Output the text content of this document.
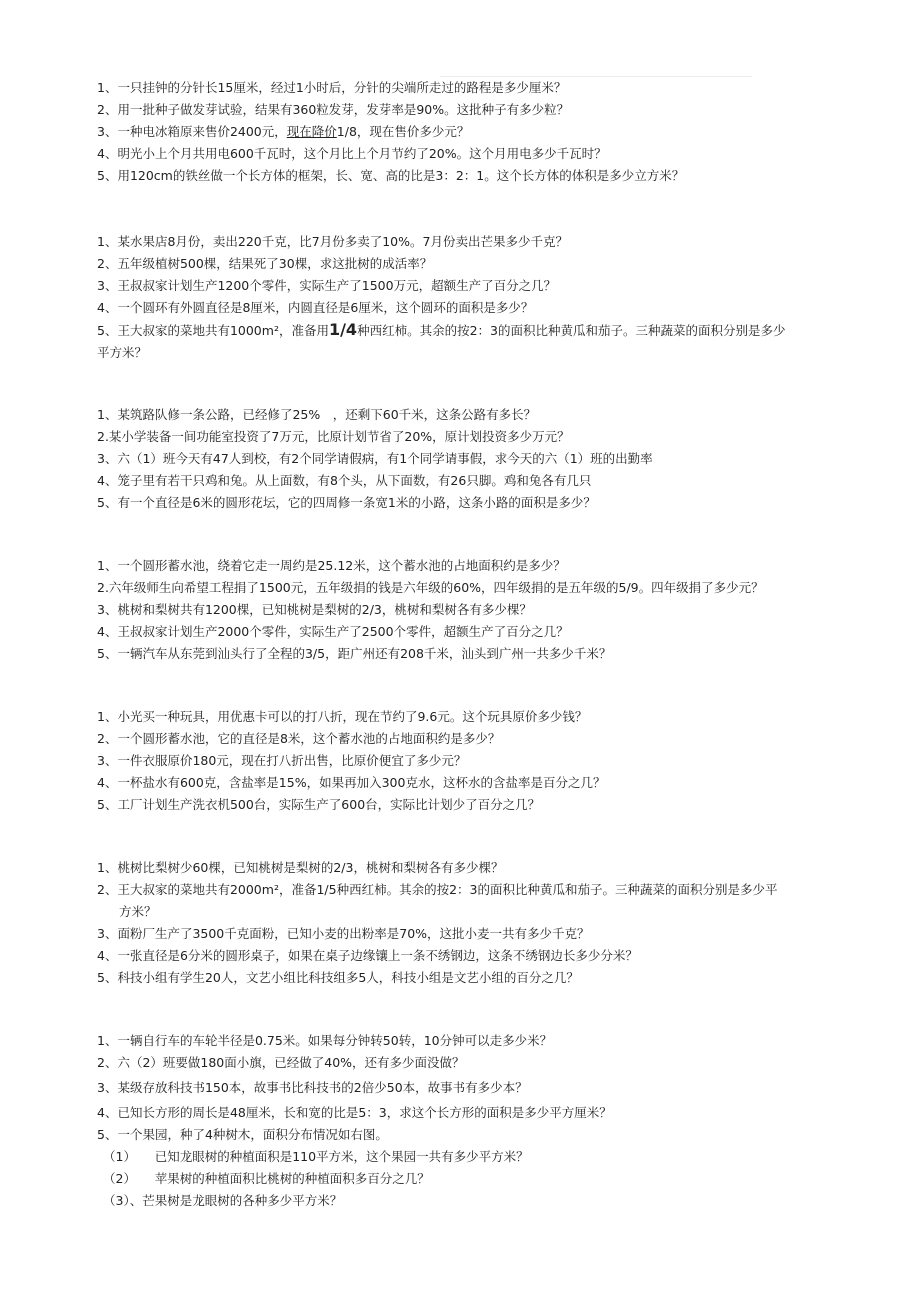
1、一只挂钟的分针长15厘米，经过1小时后，分针的尖端所走过的路程是多少厘米？
2、用一批种子做发芽试验，结果有360粒发芽，发芽率是90%。这批种子有多少粒？
3、一种电冰箱原来售价2400元，现在降价1/8，现在售价多少元？
4、明光小上个月共用电600千瓦时，这个月比上个月节约了20%。这个月用电多少千瓦时？
5、用120cm的铁丝做一个长方体的框架，长、宽、高的比是3：2：1。这个长方体的体积是多少立方米？
1、某水果店8月份，卖出220千克，比7月份多卖了10%。7月份卖出芒果多少千克？
2、五年级植树500棵，结果死了30棵，求这批树的成活率？
3、王叔叔家计划生产1200个零件，实际生产了1500万元，超额生产了百分之几？
4、一个圆环有外圆直径是8厘米，内圆直径是6厘米，这个圆环的面积是多少？
5、王大叔家的菜地共有1000m²，准备用1/4种西红柿。其余的按2：3的面积比种黄瓜和茄子。三种蔬菜的面积分别是多少
平方米？
1、某筑路队修一条公路，已经修了25%　，还剩下60千米，这条公路有多长？
2.某小学装备一间功能室投资了7万元，比原计划节省了20%，原计划投资多少万元？
3、六（1）班今天有47人到校，有2个同学请假病，有1个同学请事假，求今天的六（1）班的出勤率
4、笼子里有若干只鸡和兔。从上面数，有8个头，从下面数，有26只脚。鸡和兔各有几只
5、有一个直径是6米的圆形花坛，它的四周修一条宽1米的小路，这条小路的面积是多少？
1、一个圆形蓄水池，绕着它走一周约是25.12米，这个蓄水池的占地面积约是多少？
2.六年级师生向希望工程捐了1500元，五年级捐的钱是六年级的60%，四年级捐的是五年级的5/9。四年级捐了多少元？
3、桃树和梨树共有1200棵，已知桃树是梨树的2/3，桃树和梨树各有多少棵？
4、王叔叔家计划生产2000个零件，实际生产了2500个零件，超额生产了百分之几？
5、一辆汽车从东莞到汕头行了全程的3/5，距广州还有208千米，汕头到广州一共多少千米？
1、小光买一种玩具，用优惠卡可以的打八折，现在节约了9.6元。这个玩具原价多少钱？
2、一个圆形蓄水池，它的直径是8米，这个蓄水池的占地面积约是多少？
3、一件衣服原价180元，现在打八折出售，比原价便宜了多少元？
4、一杯盐水有600克，含盐率是15%，如果再加入300克水，这杯水的含盐率是百分之几？
5、工厂计划生产洗衣机500台，实际生产了600台，实际比计划少了百分之几？
1、桃树比梨树少60棵，已知桃树是梨树的2/3，桃树和梨树各有多少棵？
2、王大叔家的菜地共有2000m²，准备1/5种西红柿。其余的按2：3的面积比种黄瓜和茄子。三种蔬菜的面积分别是多少平
方米？
3、面粉厂生产了3500千克面粉，已知小麦的出粉率是70%，这批小麦一共有多少千克？
4、一张直径是6分米的圆形桌子，如果在桌子边缘镶上一条不绣钢边，这条不绣钢边长多少分米？
5、科技小组有学生20人，文艺小组比科技组多5人，科技小组是文艺小组的百分之几？
1、一辆自行车的车轮半径是0.75米。如果每分钟转50转，10分钟可以走多少米？
2、六（2）班要做180面小旗，已经做了40%，还有多少面没做？
3、某级存放科技书150本，故事书比科技书的2倍少50本，故事书有多少本？
4、已知长方形的周长是48厘米，长和宽的比是5：3，求这个长方形的面积是多少平方厘米？
5、一个果园，种了4种树木，面积分布情况如右图。
（1）　　已知龙眼树的种植面积是110平方米，这个果园一共有多少平方米？
（2）　　苹果树的种植面积比桃树的种植面积多百分之几？
（3）、芒果树是龙眼树的各种多少平方米？
